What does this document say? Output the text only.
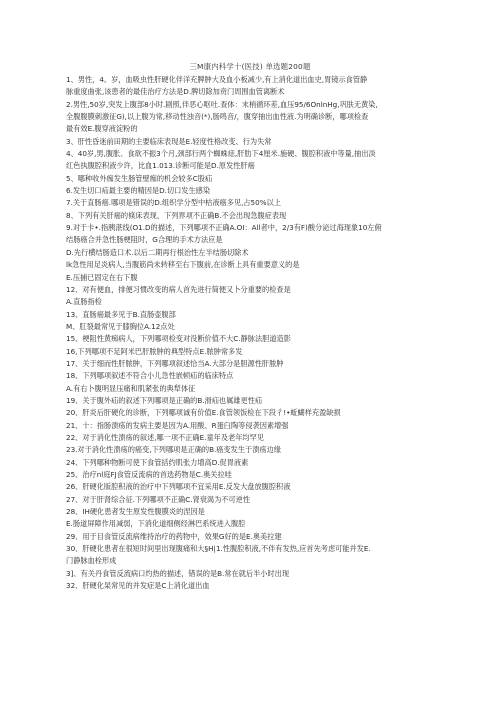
三M康内科学十(医技) 单选题200题
1、男性，4。岁，血吸虫性肝硬化伴洋充脾肿大及血小板减少,有上消化道出血史,胃镜示食管静
脉重度曲张,该患者的最佳治疗方法是D.脾切除加贲门周围血管离断术
2.男性,50岁,突发上腹部8小时.剧照,伴恶心呕吐.查体：末梢循环差,血压95/6OnlnHg,巩肤无黄染,
全腹腹膜刺激征G),以上腹为常,移动性浊音(*),肠鸣音/，腹穿抽出血性液.为明确诊断，哪项检查
最有效E.腹穿液淀粉的
3、肝性昏迷前田期的主要临床表现是E.轻度性格改变、行为失常
4、40岁,男,腹胀、食欲不振3个月,颈部行两个蜘蛛痣,肝肋下4厘米.施硬、腹腔积液中等量,抽出淡
红色执腹腔积液少许，比血1.013.诊断可能是D.原发性肝癌
5、哪种收外痂发生肠管壁痂的机会较多C股疝
6.发生切口疝最主要的精因是D.切口发生感染
7.关于直肠癌.哪项是错误的D.组织学分型中枯液癌多见,占50%以上
8、下列有关肝癌的倏床表现，下列界项不正确B.不会出现急腹症表现
9.对于卡•.指胰湛线(O1.D的描述，下列哪项不正确A.OI：All者中，2/3有F)酸分泌过海现象10左俯
结肠癌合并急性肠梗阻时，G合理的手术方法应是
D.先行横结肠造口术.以后二期再行根治性左半结肠切除术
lk急性用足炎病人,当腹筋尚未转移至右下腹前,在诊断上具有重要意义的是
E.压捕已固定在右下腹
12、对有便血，排便习惯改变的病人首先进行简便又卜分重要的检查是
A.直肠指检
13、直肠癌最多见于B.直肠壶腹部
M、肛裂最常见于膝胸位A.12点处
15、梗阻性黄痴病人，下列哪项检变对没断价值不大C.静脉法胆道造影
16,下列哪项不足阿米巴肝脓肿的典型特点E.脓肿常多发
17、关于细而性肝脓肿，下列哪项叙述恰当A.大部分是胆源性肝脓肿
18、下列哪项叙述不符合小儿急性嵌顿疝的临床特点
A.有右卜腹明显压痛和肌紧张的典犁体征
19、关于腹外疝的叙述下列哪项是正确的B.滑疝也属雄更性疝
20、肝炎后肝硬化的诊断，下列哪项诚有价值E.食管领饭检在下段彳!•蚯蝴样充盈缺损
21、十：指肠溃疡的发病主要是因为A.用酸、R蛋臼陶等侵袭因素增强
22、对于消化性溃疡的叙述,哪一项不正确E.童年及老年均罕见
23.对于消化性溃疡的癌变,下列哪项是正确的B.癌变发生于溃疡边缘
24、下列哪种物断可使下食管括约肌张力增高D.促胃液素
25、治疗nl庭FJ食管反流病的首选药物是C.奥关拉哇
26、肝硬化版腔积液的治疗中下列哪项不宜采用E.反发大盘放腹腔积液
27、对于肝肾综合征.下列哪项不正确C.肾衰渴为不可逆性
28、IH硬化患者发生原发性腹膜炎的涅因是
E.肠道屏障作用减弱，下消化道细侧经淋巴系统进入腹腔
29、用于目食管反流病维持治疗的药物中，效果G好的是E.奥美拉建
30、肝硬化患者在很短时间里出现腹痛和大§H|1.性腹腔积液,不伴有发热,应首先考虑可能并发E.
门静脉血栓形成
3]、有关丹食管反流病口灼热的描述，错误的是B.常在就后半小时出现
32、肝硬化杲常见的并发症是C上消化道出血
